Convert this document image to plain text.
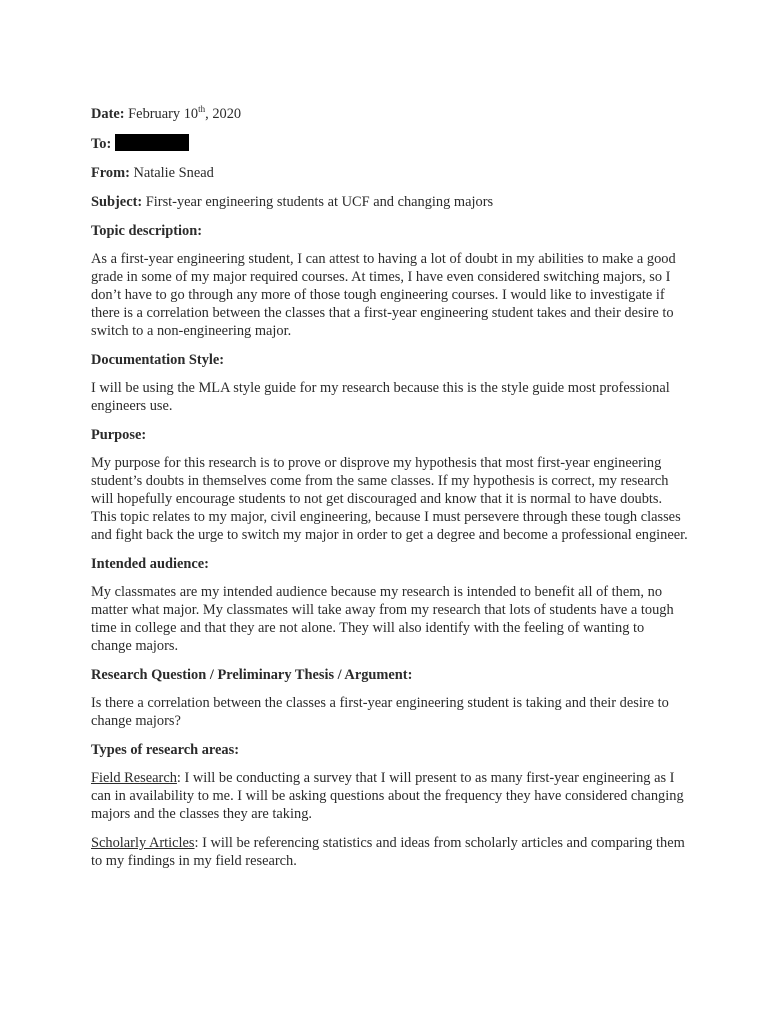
Date: February 10th, 2020

To:

From: Natalie Snead

Subject: First-year engineering students at UCF and changing majors

Topic description:

As a first-year engineering student, I can attest to having a lot of doubt in my abilities to make a good grade in some of my major required courses. At times, I have even considered switching majors, so I don’t have to go through any more of those tough engineering courses. I would like to investigate if there is a correlation between the classes that a first-year engineering student takes and their desire to switch to a non-engineering major.

Documentation Style:

I will be using the MLA style guide for my research because this is the style guide most professional engineers use.

Purpose:

My purpose for this research is to prove or disprove my hypothesis that most first-year engineering student’s doubts in themselves come from the same classes. If my hypothesis is correct, my research will hopefully encourage students to not get discouraged and know that it is normal to have doubts. This topic relates to my major, civil engineering, because I must persevere through these tough classes and fight back the urge to switch my major in order to get a degree and become a professional engineer.

Intended audience:

My classmates are my intended audience because my research is intended to benefit all of them, no matter what major. My classmates will take away from my research that lots of students have a tough time in college and that they are not alone. They will also identify with the feeling of wanting to change majors.

Research Question / Preliminary Thesis / Argument:

Is there a correlation between the classes a first-year engineering student is taking and their desire to change majors?

Types of research areas:

Field Research: I will be conducting a survey that I will present to as many first-year engineering as I can in availability to me. I will be asking questions about the frequency they have considered changing majors and the classes they are taking.

Scholarly Articles: I will be referencing statistics and ideas from scholarly articles and comparing them to my findings in my field research.
